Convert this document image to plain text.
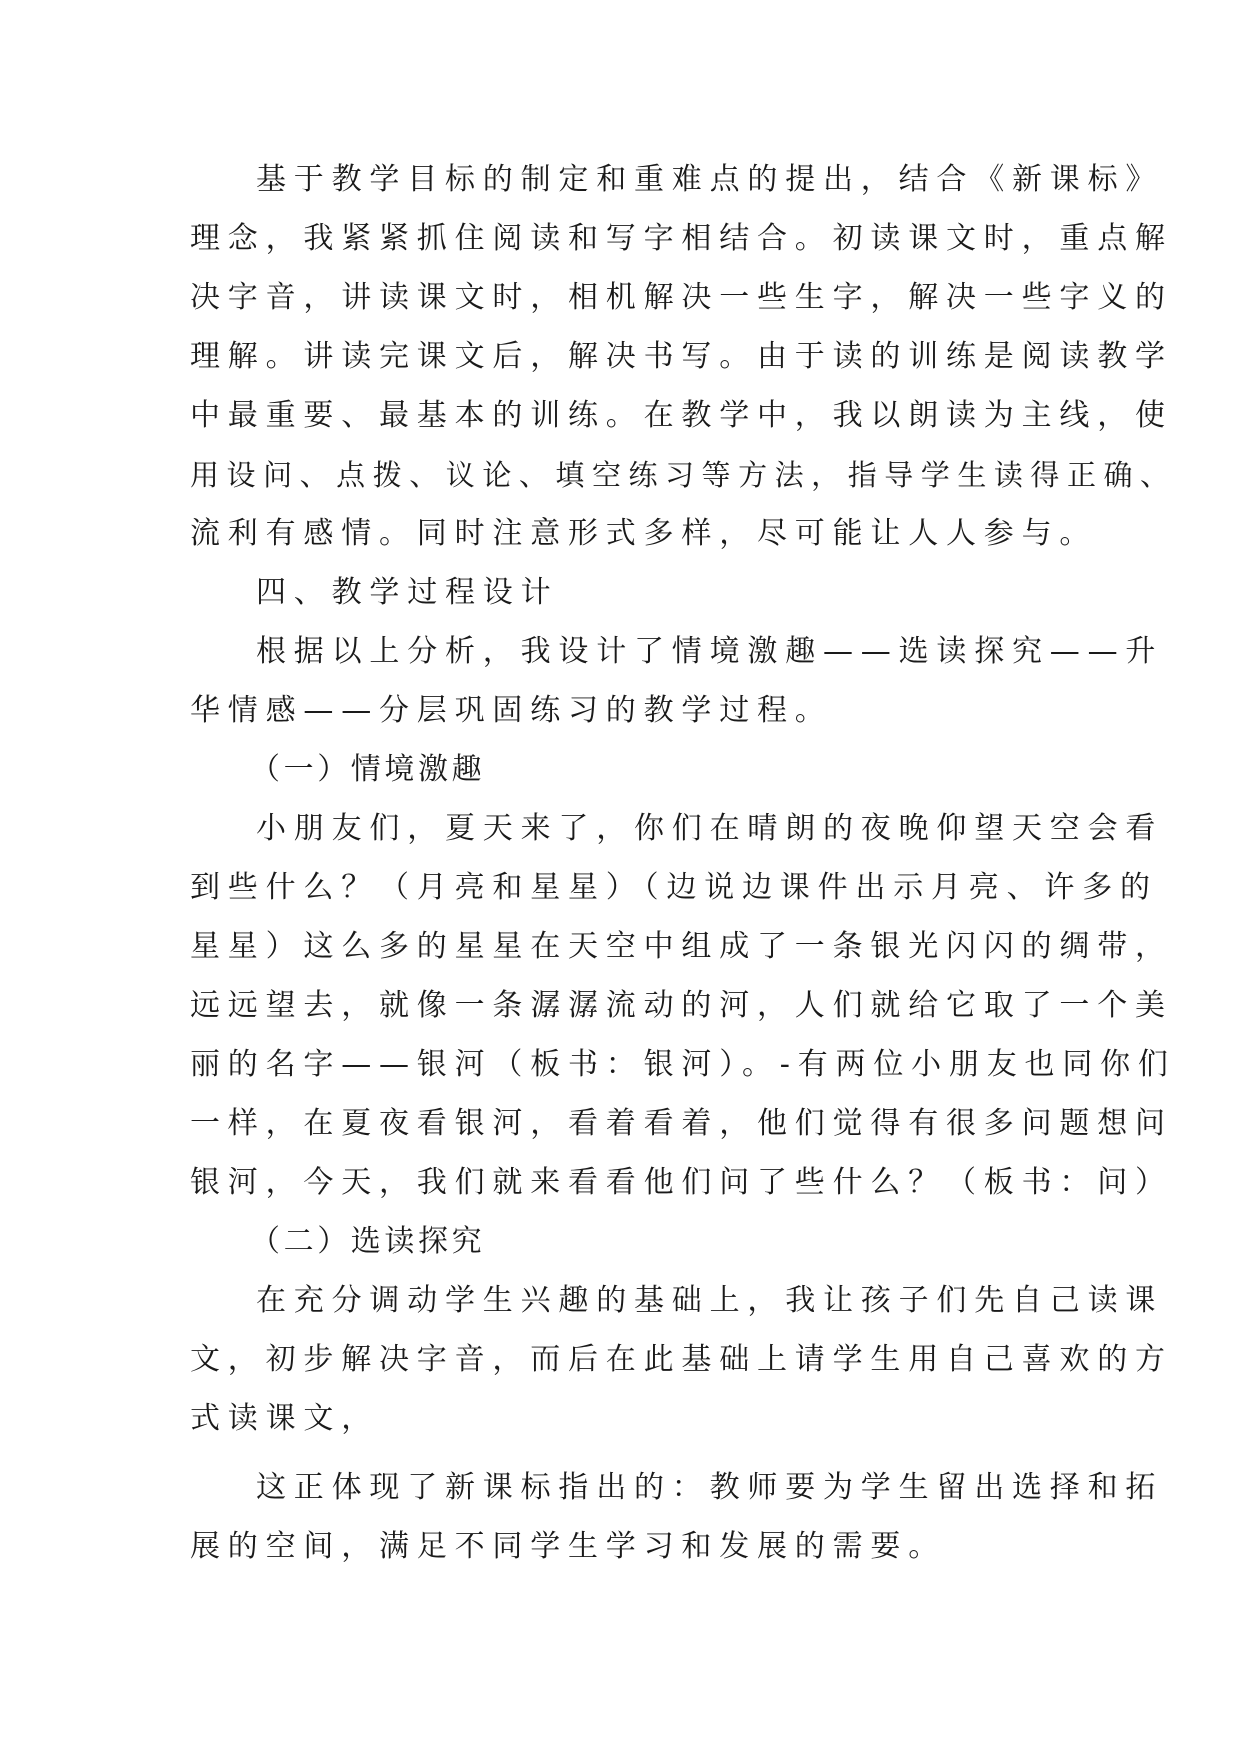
基于教学目标的制定和重难点的提出，结合《新课标》
理念，我紧紧抓住阅读和写字相结合。初读课文时，重点解
决字音，讲读课文时，相机解决一些生字，解决一些字义的
理解。讲读完课文后，解决书写。由于读的训练是阅读教学
中最重要、最基本的训练。在教学中，我以朗读为主线，使
用设问、点拨、议论、填空练习等方法，指导学生读得正确、
流利有感情。同时注意形式多样，尽可能让人人参与。
四、教学过程设计
根据以上分析，我设计了情境激趣——选读探究——升
华情感——分层巩固练习的教学过程。
（一）情境激趣
小朋友们，夏天来了，你们在晴朗的夜晚仰望天空会看
到些什么？（月亮和星星）（边说边课件出示月亮、许多的
星星）这么多的星星在天空中组成了一条银光闪闪的绸带，
远远望去，就像一条潺潺流动的河，人们就给它取了一个美
丽的名字——银河（板书：银河）。-有两位小朋友也同你们
一样，在夏夜看银河，看着看着，他们觉得有很多问题想问
银河，今天，我们就来看看他们问了些什么？（板书：问）
（二）选读探究
在充分调动学生兴趣的基础上，我让孩子们先自己读课
文，初步解决字音，而后在此基础上请学生用自己喜欢的方
式读课文，
这正体现了新课标指出的：教师要为学生留出选择和拓
展的空间，满足不同学生学习和发展的需要。
